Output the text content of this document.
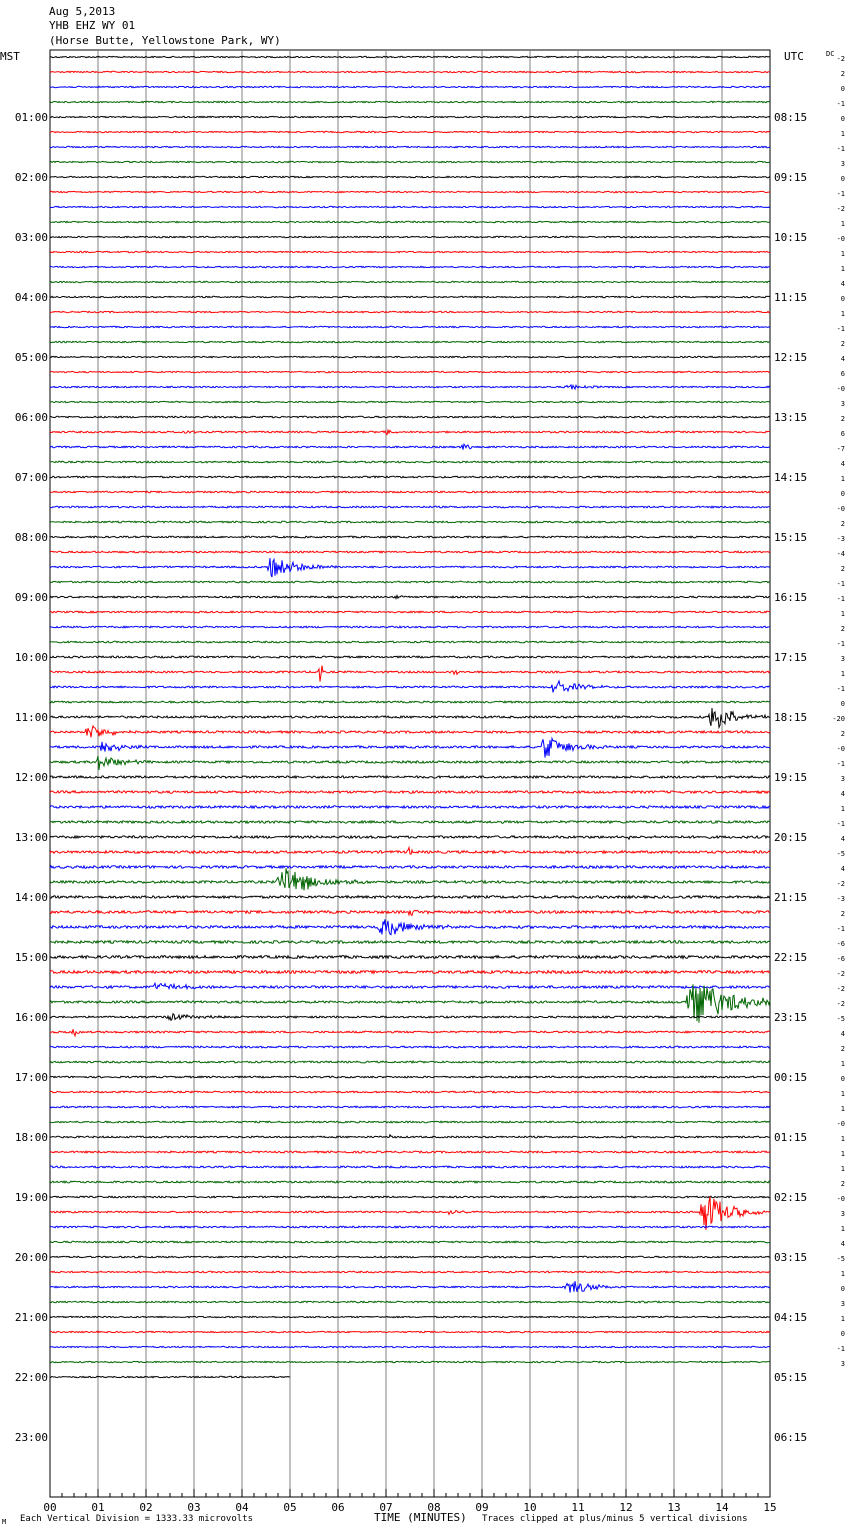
Aug 5,2013
YHB EHZ WY 01
(Horse Butte, Yellowstone Park, WY)
MST	UTC	DC
01:00
02:00
03:00
04:00
05:00
06:00
07:00
08:00
09:00
10:00
11:00
12:00
13:00
14:00
15:00
16:00
17:00
18:00
19:00
20:00
21:00
22:00
23:00
08:15
09:15
10:15
11:15
12:15
13:15
14:15
15:15
16:15
17:15
18:15
19:15
20:15
21:15
22:15
23:15
00:15
01:15
02:15
03:15
04:15
05:15
06:15
-2
2
0
-1
0
1
-1
3
0
-1
-2
1
-0
1
1
4
0
1
-1
2
4
6
-0
3
2
6
-7
4
1
0
-0
2
-3
-4
2
-1
-1
1
2
-1
3
1
-1
0
-20
2
-0
-1
3
4
1
-1
4
-5
4
-2
-3
2
-1
-6
-6
-2
-2
-2
-5
4
2
1
0
1
1
-0
1
1
1
2
-0
3
1
4
-5
1
0
3
1
0
-1
3
00	01	02	03	04	05	06	07	08	09	10	11	12	13	14	15
TIME (MINUTES)
M Each Vertical Division = 1333.33 microvolts	Traces clipped at plus/minus 5 vertical divisions
